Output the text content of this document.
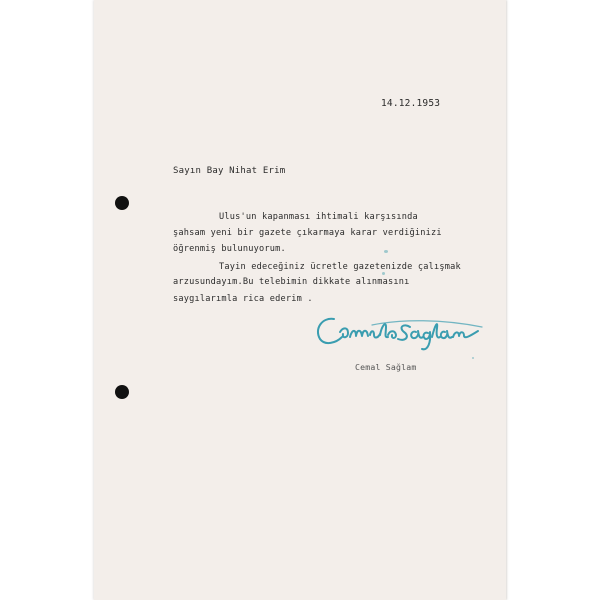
14.12.1953
Sayın Bay Nihat Erim
Ulus'un kapanması ihtimali karşısında
şahsam yeni bir gazete çıkarmaya karar verdiğinizi
öğrenmiş bulunuyorum.
Tayin edeceğiniz ücretle gazetenizde çalışmak
arzusundayım.Bu telebimin dikkate alınmasını
saygılarımla rica ederim .
Cemal Sağlam
